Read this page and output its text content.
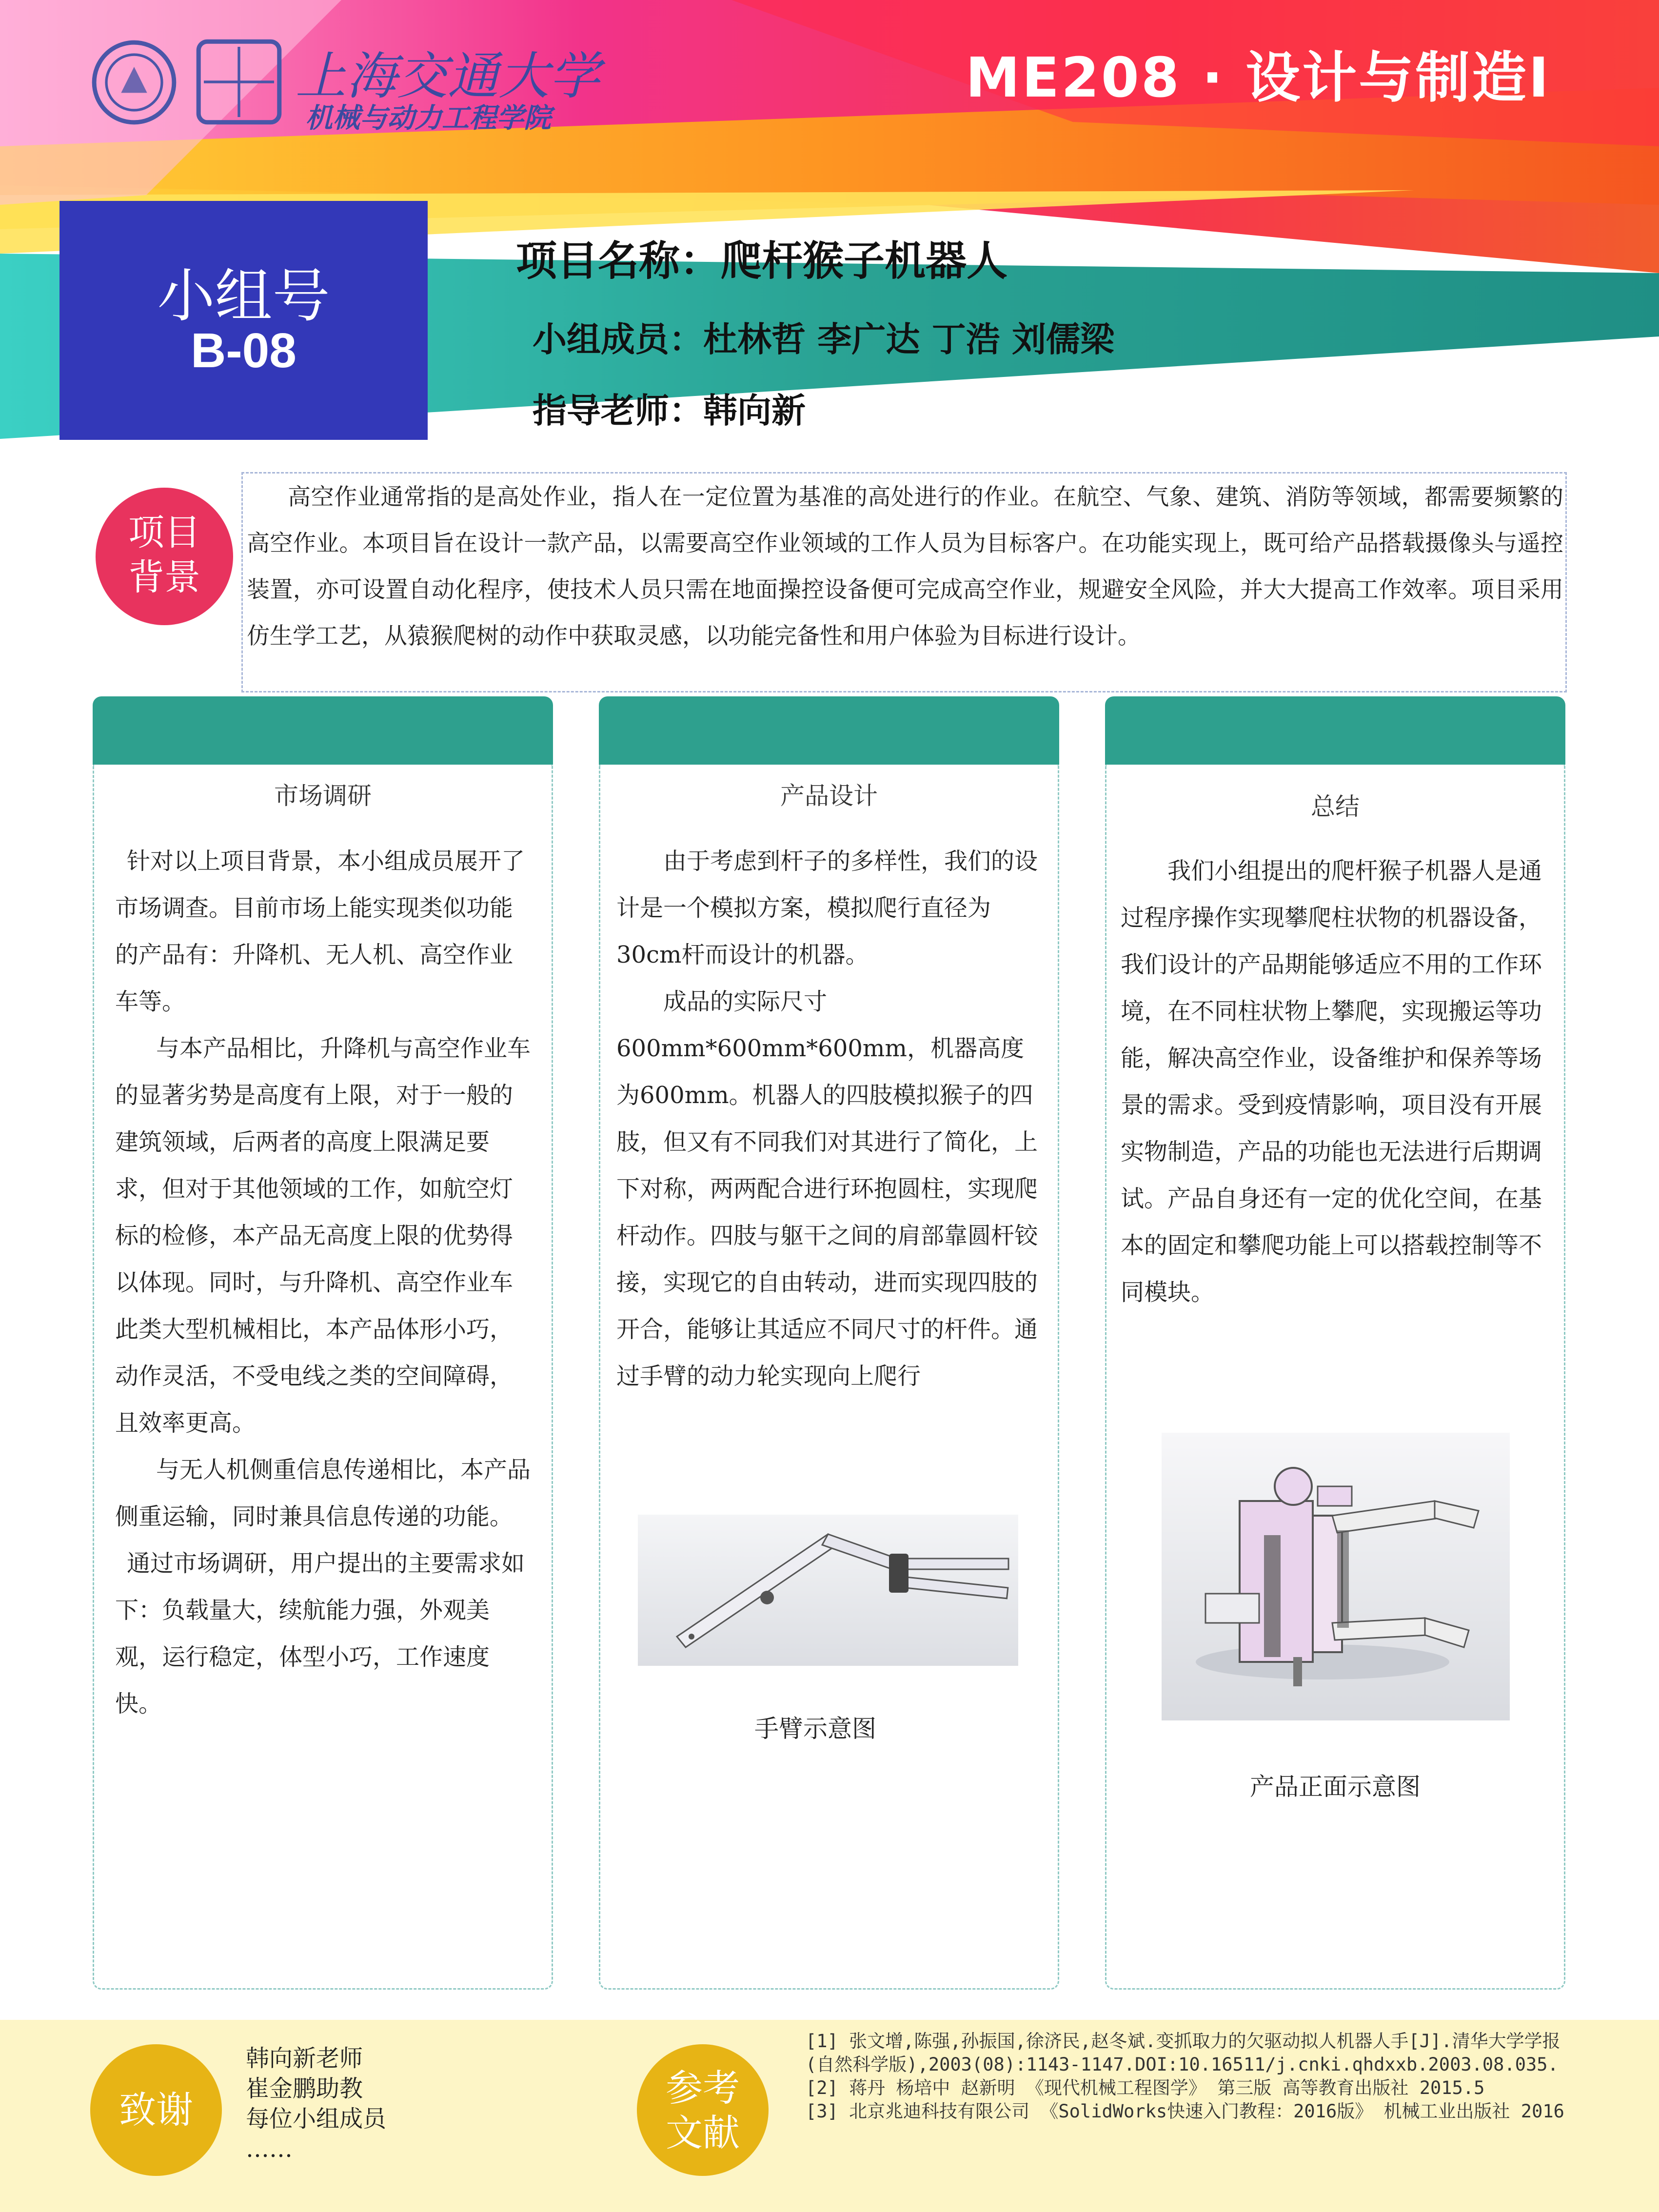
上海交通大学
机械与动力工程学院
ME208 · 设计与制造Ⅰ
小组号
B-08
项目名称：爬杆猴子机器人
小组成员：杜林哲 李广达 丁浩 刘儒梁
指导老师：韩向新
项目
背景
高空作业通常指的是高处作业，指人在一定位置为基准的高处进行的作业。在航空、气象、建筑、消防等领域，都需要频繁的高空作业。本项目旨在设计一款产品，以需要高空作业领域的工作人员为目标客户。在功能实现上，既可给产品搭载摄像头与遥控装置，亦可设置自动化程序，使技术人员只需在地面操控设备便可完成高空作业，规避安全风险，并大大提高工作效率。项目采用仿生学工艺，从猿猴爬树的动作中获取灵感，以功能完备性和用户体验为目标进行设计。
市场调研

针对以上项目背景，本小组成员展开了市场调查。目前市场上能实现类似功能的产品有：升降机、无人机、高空作业车等。

与本产品相比，升降机与高空作业车的显著劣势是高度有上限，对于一般的建筑领域，后两者的高度上限满足要求，但对于其他领域的工作，如航空灯标的检修，本产品无高度上限的优势得以体现。同时，与升降机、高空作业车此类大型机械相比，本产品体形小巧，动作灵活，不受电线之类的空间障碍，且效率更高。

与无人机侧重信息传递相比，本产品侧重运输，同时兼具信息传递的功能。

通过市场调研，用户提出的主要需求如下：负载量大，续航能力强，外观美观，运行稳定，体型小巧，工作速度快。

产品设计

由于考虑到杆子的多样性，我们的设计是一个模拟方案，模拟爬行直径为30cm杆而设计的机器。

成品的实际尺寸

600mm*600mm*600mm，机器高度为600mm。机器人的四肢模拟猴子的四肢，但又有不同我们对其进行了简化，上下对称，两两配合进行环抱圆柱，实现爬杆动作。四肢与躯干之间的肩部靠圆杆铰接，实现它的自由转动，进而实现四肢的开合，能够让其适应不同尺寸的杆件。通过手臂的动力轮实现向上爬行

手臂示意图
总结

我们小组提出的爬杆猴子机器人是通过程序操作实现攀爬柱状物的机器设备，我们设计的产品期能够适应不用的工作环境，在不同柱状物上攀爬，实现搬运等功能，解决高空作业，设备维护和保养等场景的需求。受到疫情影响，项目没有开展实物制造，产品的功能也无法进行后期调试。产品自身还有一定的优化空间，在基本的固定和攀爬功能上可以搭载控制等不同模块。

产品正面示意图
致谢
韩向新老师
崔金鹏助教
每位小组成员
……
参考
文献

[1] 张文增,陈强,孙振国,徐济民,赵冬斌.变抓取力的欠驱动拟人机器人手[J].清华大学学报(自然科学版),2003(08):1143-1147.DOI:10.16511/j.cnki.qhdxxb.2003.08.035.

[2] 蒋丹 杨培中 赵新明 《现代机械工程图学》 第三版 高等教育出版社 2015.5

[3] 北京兆迪科技有限公司 《SolidWorks快速入门教程：2016版》 机械工业出版社 2016
